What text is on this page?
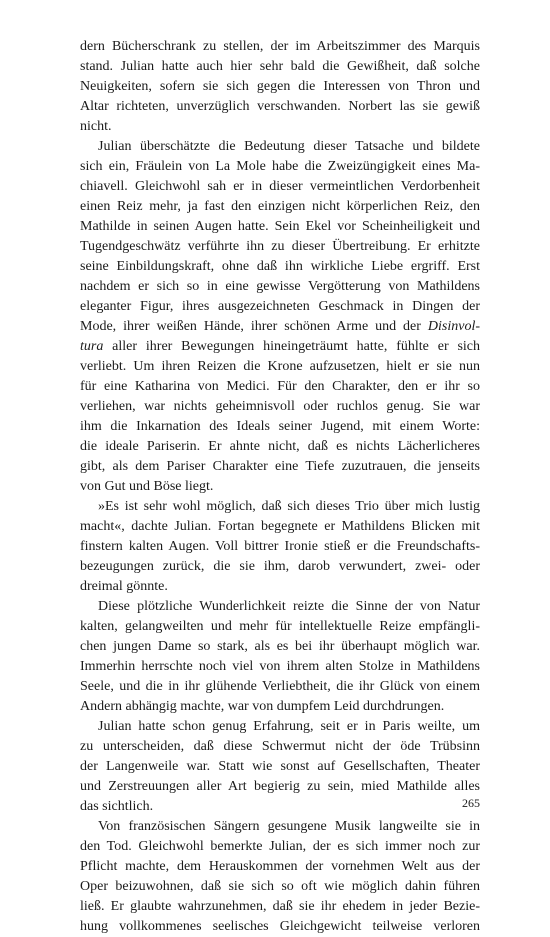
dern Bücherschrank zu stellen, der im Arbeitszimmer des Marquis
stand. Julian hatte auch hier sehr bald die Gewißheit, daß solche
Neuigkeiten, sofern sie sich gegen die Interessen von Thron und
Altar richteten, unverzüglich verschwanden. Norbert las sie gewiß
nicht.
Julian überschätzte die Bedeutung dieser Tatsache und bildete
sich ein, Fräulein von La Mole habe die Zweizüngigkeit eines Ma-
chiavell. Gleichwohl sah er in dieser vermeintlichen Verdorbenheit
einen Reiz mehr, ja fast den einzigen nicht körperlichen Reiz, den
Mathilde in seinen Augen hatte. Sein Ekel vor Scheinheiligkeit und
Tugendgeschwätz verführte ihn zu dieser Übertreibung. Er erhitzte
seine Einbildungskraft, ohne daß ihn wirkliche Liebe ergriff. Erst
nachdem er sich so in eine gewisse Vergötterung von Mathildens
eleganter Figur, ihres ausgezeichneten Geschmack in Dingen der
Mode, ihrer weißen Hände, ihrer schönen Arme und der Disinvol-
tura aller ihrer Bewegungen hineingeträumt hatte, fühlte er sich
verliebt. Um ihren Reizen die Krone aufzusetzen, hielt er sie nun
für eine Katharina von Medici. Für den Charakter, den er ihr so
verliehen, war nichts geheimnisvoll oder ruchlos genug. Sie war
ihm die Inkarnation des Ideals seiner Jugend, mit einem Worte:
die ideale Pariserin. Er ahnte nicht, daß es nichts Lächerlicheres
gibt, als dem Pariser Charakter eine Tiefe zuzutrauen, die jenseits
von Gut und Böse liegt.
»Es ist sehr wohl möglich, daß sich dieses Trio über mich lustig
macht«, dachte Julian. Fortan begegnete er Mathildens Blicken mit
finstern kalten Augen. Voll bittrer Ironie stieß er die Freundschafts-
bezeugungen zurück, die sie ihm, darob verwundert, zwei- oder
dreimal gönnte.
Diese plötzliche Wunderlichkeit reizte die Sinne der von Natur
kalten, gelangweilten und mehr für intellektuelle Reize empfängli-
chen jungen Dame so stark, als es bei ihr überhaupt möglich war.
Immerhin herrschte noch viel von ihrem alten Stolze in Mathildens
Seele, und die in ihr glühende Verliebtheit, die ihr Glück von einem
Andern abhängig machte, war von dumpfem Leid durchdrungen.
Julian hatte schon genug Erfahrung, seit er in Paris weilte, um
zu unterscheiden, daß diese Schwermut nicht der öde Trübsinn
der Langenweile war. Statt wie sonst auf Gesellschaften, Theater
und Zerstreuungen aller Art begierig zu sein, mied Mathilde alles
das sichtlich.
Von französischen Sängern gesungene Musik langweilte sie in
den Tod. Gleichwohl bemerkte Julian, der es sich immer noch zur
Pflicht machte, dem Herauskommen der vornehmen Welt aus der
Oper beizuwohnen, daß sie sich so oft wie möglich dahin führen
ließ. Er glaubte wahrzunehmen, daß sie ihr ehedem in jeder Bezie-
hung vollkommenes seelisches Gleichgewicht teilweise verloren
265
